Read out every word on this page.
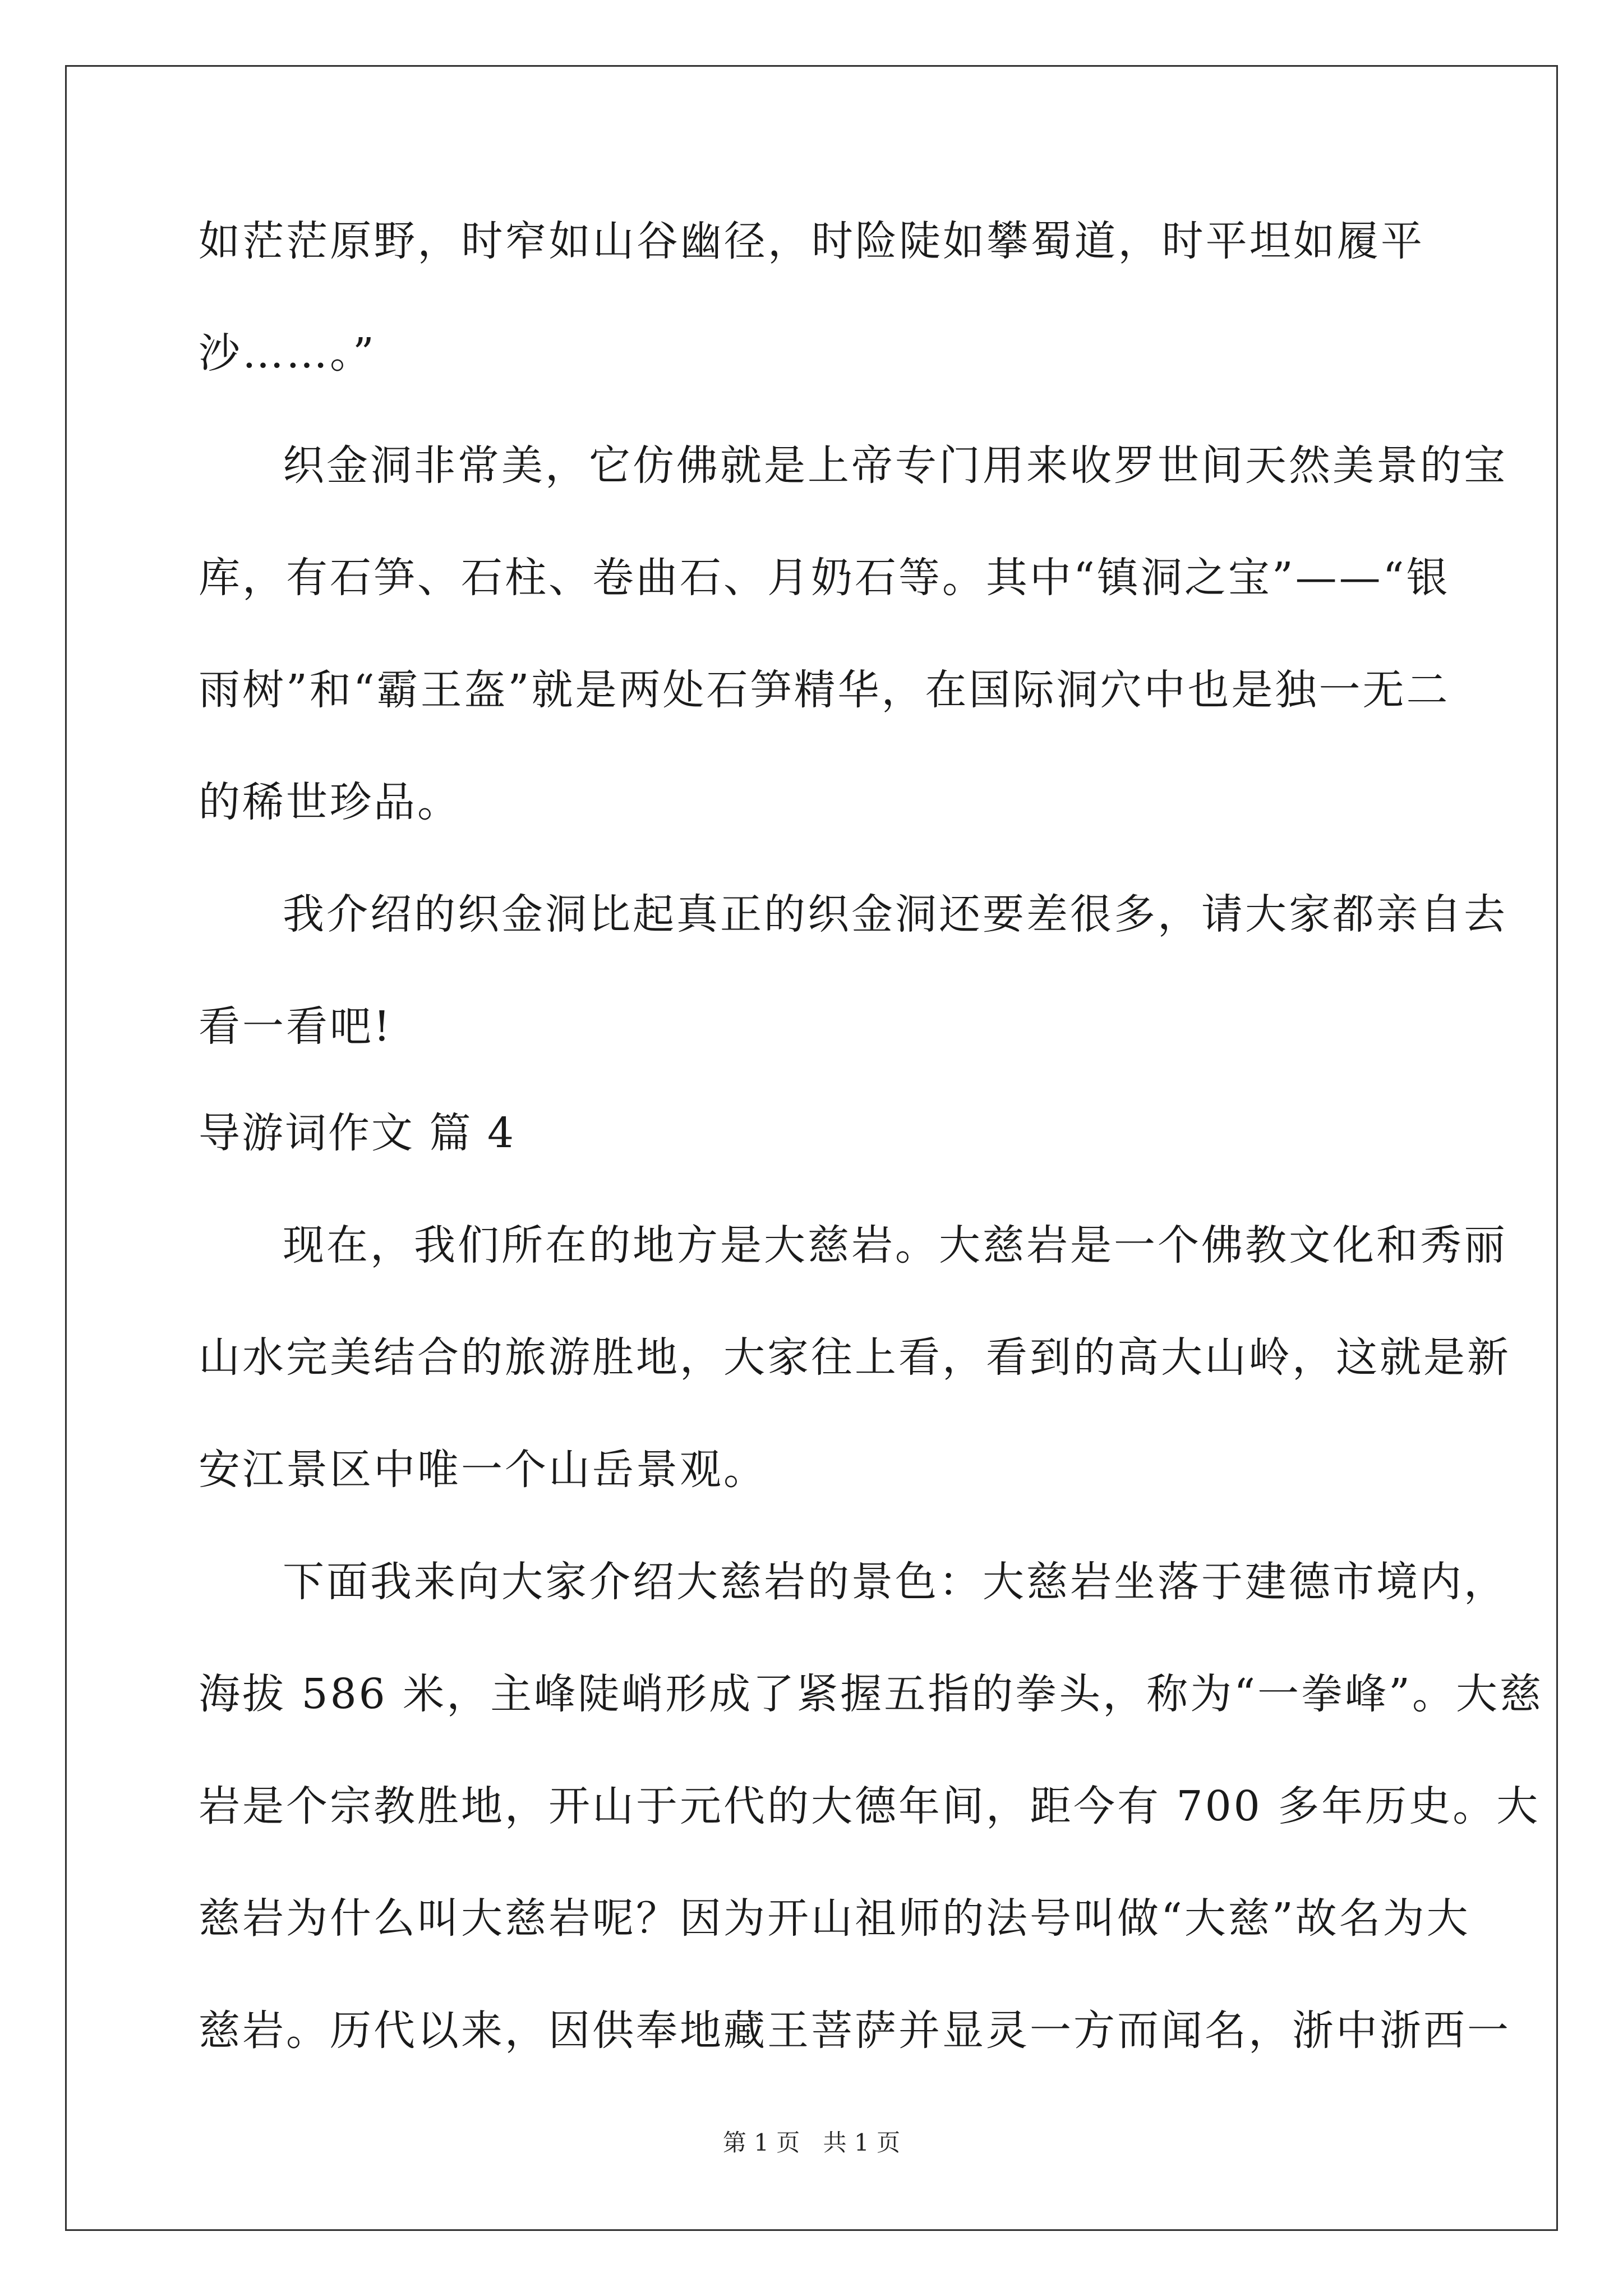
如茫茫原野，时窄如山谷幽径，时险陡如攀蜀道，时平坦如履平
沙……。”
织金洞非常美，它仿佛就是上帝专门用来收罗世间天然美景的宝
库，有石笋、石柱、卷曲石、月奶石等。其中“镇洞之宝”——“银
雨树”和“霸王盔”就是两处石笋精华，在国际洞穴中也是独一无二
的稀世珍品。
我介绍的织金洞比起真正的织金洞还要差很多，请大家都亲自去
看一看吧!
导游词作文 篇 4
现在，我们所在的地方是大慈岩。大慈岩是一个佛教文化和秀丽
山水完美结合的旅游胜地，大家往上看，看到的高大山岭，这就是新
安江景区中唯一个山岳景观。
下面我来向大家介绍大慈岩的景色：大慈岩坐落于建德市境内，
海拔 586 米，主峰陡峭形成了紧握五指的拳头，称为“一拳峰”。大慈
岩是个宗教胜地，开山于元代的大德年间，距今有 700 多年历史。大
慈岩为什么叫大慈岩呢？因为开山祖师的法号叫做“大慈”故名为大
慈岩。历代以来，因供奉地藏王菩萨并显灵一方而闻名，浙中浙西一
第 1 页 共 1 页
